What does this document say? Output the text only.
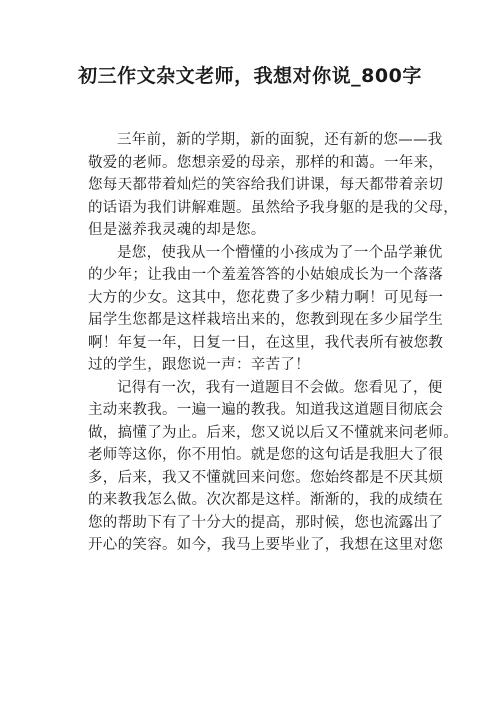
初三作文杂文老师，我想对你说_800字
三年前，新的学期，新的面貌，还有新的您——我
敬爱的老师。您想亲爱的母亲，那样的和蔼。一年来，
您每天都带着灿烂的笑容给我们讲课，每天都带着亲切
的话语为我们讲解难题。虽然给予我身躯的是我的父母，
但是滋养我灵魂的却是您。
是您，使我从一个懵懂的小孩成为了一个品学兼优
的少年；让我由一个羞羞答答的小姑娘成长为一个落落
大方的少女。这其中，您花费了多少精力啊！可见每一
届学生您都是这样栽培出来的，您教到现在多少届学生
啊！年复一年，日复一日，在这里，我代表所有被您教
过的学生，跟您说一声：辛苦了！
记得有一次，我有一道题目不会做。您看见了，便
主动来教我。一遍一遍的教我。知道我这道题目彻底会
做，搞懂了为止。后来，您又说以后又不懂就来问老师。
老师等这你，你不用怕。就是您的这句话是我胆大了很
多，后来，我又不懂就回来问您。您始终都是不厌其烦
的来教我怎么做。次次都是这样。渐渐的，我的成绩在
您的帮助下有了十分大的提高，那时候，您也流露出了
开心的笑容。如今，我马上要毕业了，我想在这里对您
